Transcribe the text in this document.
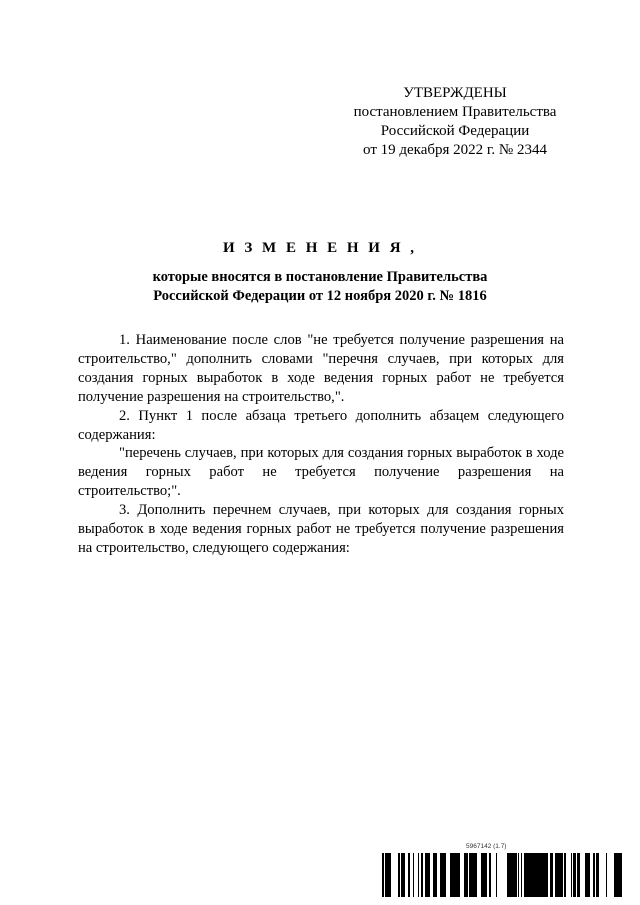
УТВЕРЖДЕНЫ
постановлением Правительства
Российской Федерации
от 19 декабря 2022 г. № 2344
И З М Е Н Е Н И Я ,
которые вносятся в постановление Правительства
Российской Федерации от 12 ноября 2020 г. № 1816

1. Наименование после слов "не требуется получение разрешения на строительство," дополнить словами "перечня случаев, при которых для создания горных выработок в ходе ведения горных работ не требуется получение разрешения на строительство,".

2. Пункт 1 после абзаца третьего дополнить абзацем следующего содержания:

"перечень случаев, при которых для создания горных выработок в ходе ведения горных работ не требуется получение разрешения на строительство;".

3. Дополнить перечнем случаев, при которых для создания горных выработок в ходе ведения горных работ не требуется получение разрешения на строительство, следующего содержания:

5967142 (1.7)
